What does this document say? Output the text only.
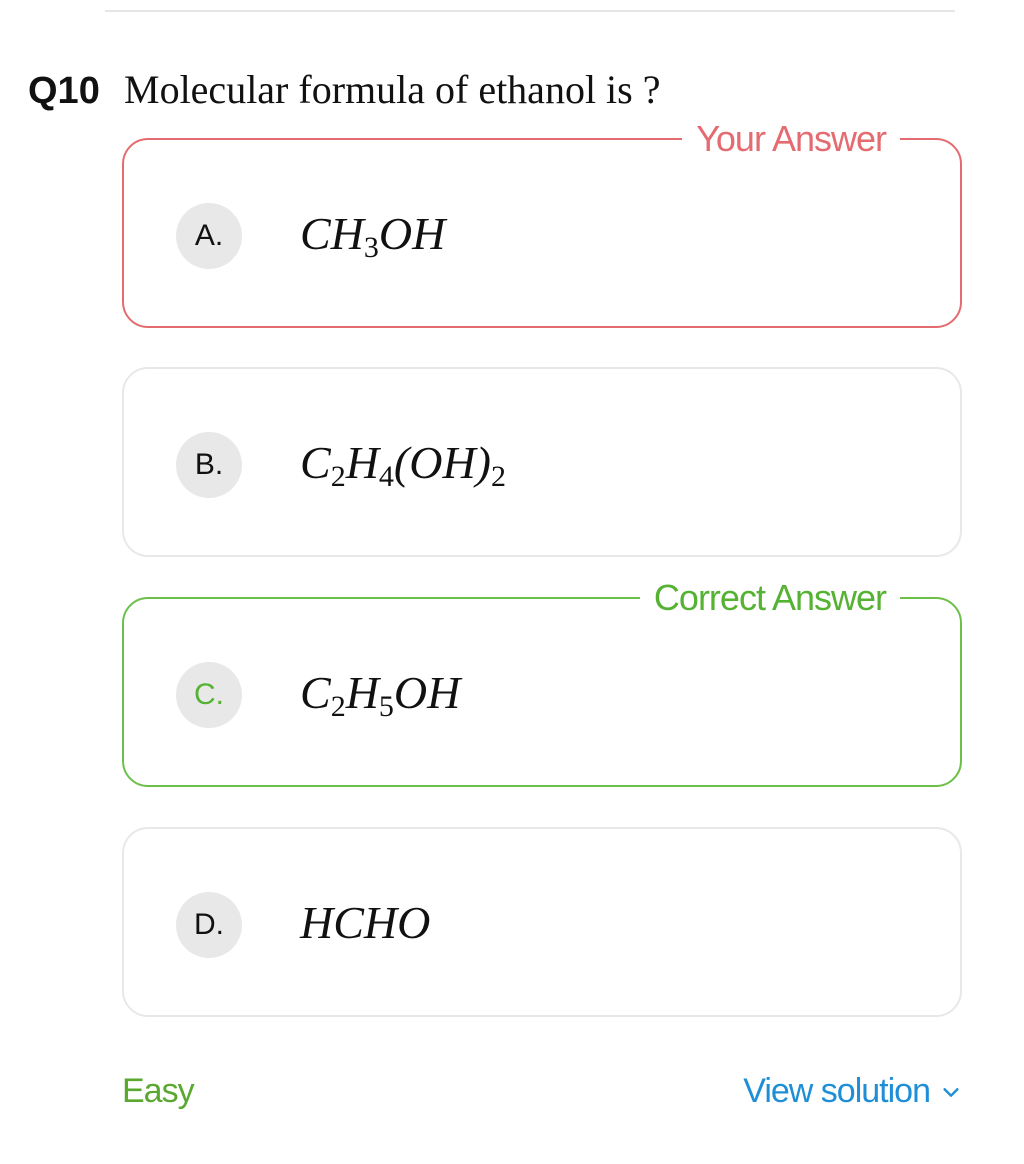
Q10 Molecular formula of ethanol is ?
Your Answer
A.	$CH_3OH$
B.	$C_2H_4(OH)_2$
Correct Answer
C.	$C_2H_5OH$
D.	HCHO
Easy	View solution
